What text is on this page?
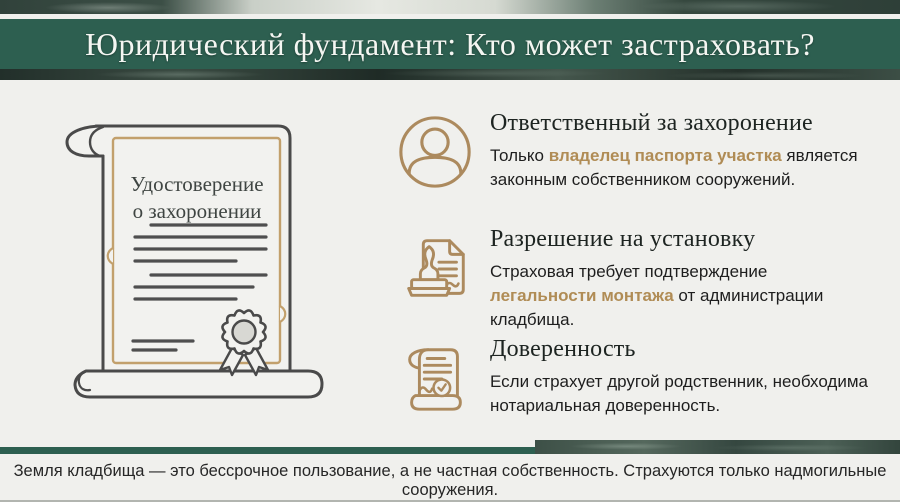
Юридический фундамент: Кто может застраховать?
Удостоверение
о захоронении
Ответственный за захоронение

Только владелец паспорта участка является законным собственником сооружений.

Разрешение на установку

Страховая требует подтверждение легальности монтажа от администрации кладбища.

Доверенность

Если страхует другой родственник, необходима нотариальная доверенность.

Земля кладбища — это бессрочное пользование, а не частная собственность. Страхуются только надмогильные сооружения.
